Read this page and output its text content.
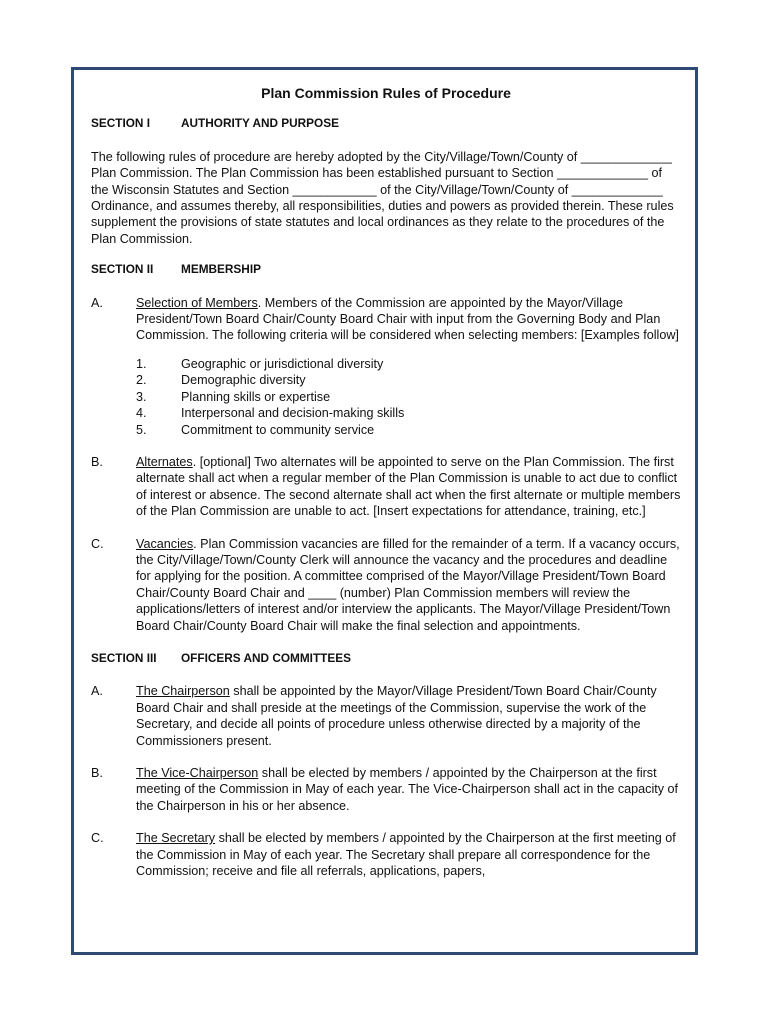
Plan Commission Rules of Procedure
SECTION I	AUTHORITY AND PURPOSE
The following rules of procedure are hereby adopted by the City/Village/Town/County of _____________ Plan Commission. The Plan Commission has been established pursuant to Section _____________ of the Wisconsin Statutes and Section ____________ of the City/Village/Town/County of _____________ Ordinance, and assumes thereby, all responsibilities, duties and powers as provided therein. These rules supplement the provisions of state statutes and local ordinances as they relate to the procedures of the Plan Commission.
SECTION II	MEMBERSHIP
A.	Selection of Members. Members of the Commission are appointed by the Mayor/Village President/Town Board Chair/County Board Chair with input from the Governing Body and Plan Commission. The following criteria will be considered when selecting members: [Examples follow]
1.	Geographic or jurisdictional diversity
2.	Demographic diversity
3.	Planning skills or expertise
4.	Interpersonal and decision-making skills
5.	Commitment to community service
B.	Alternates. [optional] Two alternates will be appointed to serve on the Plan Commission. The first alternate shall act when a regular member of the Plan Commission is unable to act due to conflict of interest or absence. The second alternate shall act when the first alternate or multiple members of the Plan Commission are unable to act. [Insert expectations for attendance, training, etc.]
C.	Vacancies. Plan Commission vacancies are filled for the remainder of a term. If a vacancy occurs, the City/Village/Town/County Clerk will announce the vacancy and the procedures and deadline for applying for the position. A committee comprised of the Mayor/Village President/Town Board Chair/County Board Chair and ____ (number) Plan Commission members will review the applications/letters of interest and/or interview the applicants. The Mayor/Village President/Town Board Chair/County Board Chair will make the final selection and appointments.
SECTION III	OFFICERS AND COMMITTEES
A.	The Chairperson shall be appointed by the Mayor/Village President/Town Board Chair/County Board Chair and shall preside at the meetings of the Commission, supervise the work of the Secretary, and decide all points of procedure unless otherwise directed by a majority of the Commissioners present.
B.	The Vice-Chairperson shall be elected by members / appointed by the Chairperson at the first meeting of the Commission in May of each year. The Vice-Chairperson shall act in the capacity of the Chairperson in his or her absence.
C.	The Secretary shall be elected by members / appointed by the Chairperson at the first meeting of the Commission in May of each year. The Secretary shall prepare all correspondence for the Commission; receive and file all referrals, applications, papers,
